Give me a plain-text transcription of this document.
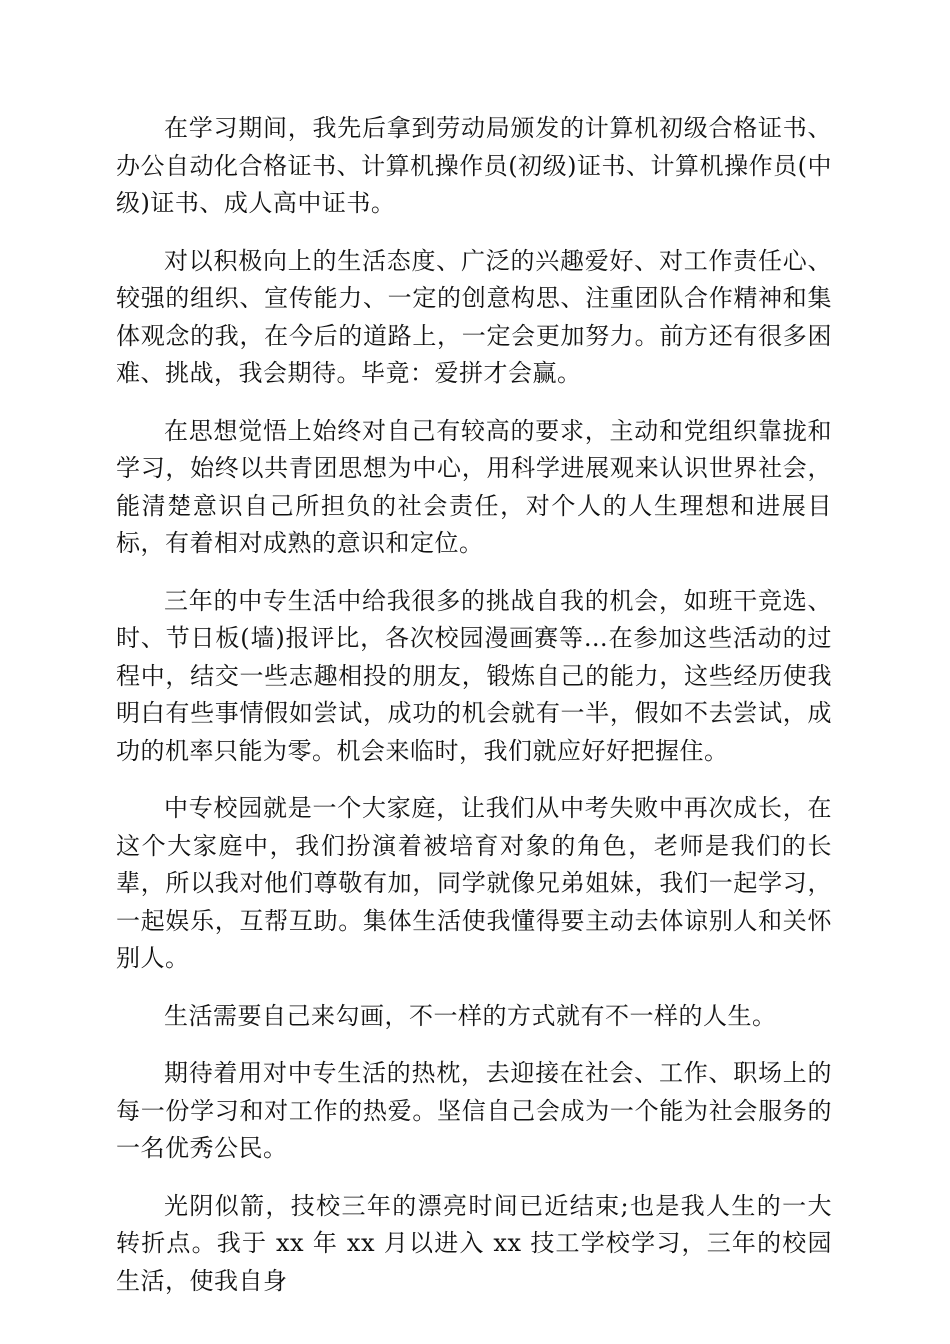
在学习期间，我先后拿到劳动局颁发的计算机初级合格证书、办公自动化合格证书、计算机操作员(初级)证书、计算机操作员(中级)证书、成人高中证书。

对以积极向上的生活态度、广泛的兴趣爱好、对工作责任心、较强的组织、宣传能力、一定的创意构思、注重团队合作精神和集体观念的我，在今后的道路上，一定会更加努力。前方还有很多困难、挑战，我会期待。毕竟：爱拼才会赢。

在思想觉悟上始终对自己有较高的要求，主动和党组织靠拢和学习，始终以共青团思想为中心，用科学进展观来认识世界社会，能清楚意识自己所担负的社会责任，对个人的人生理想和进展目标，有着相对成熟的意识和定位。

三年的中专生活中给我很多的挑战自我的机会，如班干竞选、时、节日板(墙)报评比，各次校园漫画赛等…在参加这些活动的过程中，结交一些志趣相投的朋友，锻炼自己的能力，这些经历使我明白有些事情假如尝试，成功的机会就有一半，假如不去尝试，成功的机率只能为零。机会来临时，我们就应好好把握住。

中专校园就是一个大家庭，让我们从中考失败中再次成长，在这个大家庭中，我们扮演着被培育对象的角色，老师是我们的长辈，所以我对他们尊敬有加，同学就像兄弟姐妹，我们一起学习，一起娱乐，互帮互助。集体生活使我懂得要主动去体谅别人和关怀别人。

生活需要自己来勾画，不一样的方式就有不一样的人生。

期待着用对中专生活的热枕，去迎接在社会、工作、职场上的每一份学习和对工作的热爱。坚信自己会成为一个能为社会服务的一名优秀公民。

光阴似箭，技校三年的漂亮时间已近结束;也是我人生的一大转折点。我于 xx 年 xx 月以进入 xx 技工学校学习，三年的校园生活，使我自身
